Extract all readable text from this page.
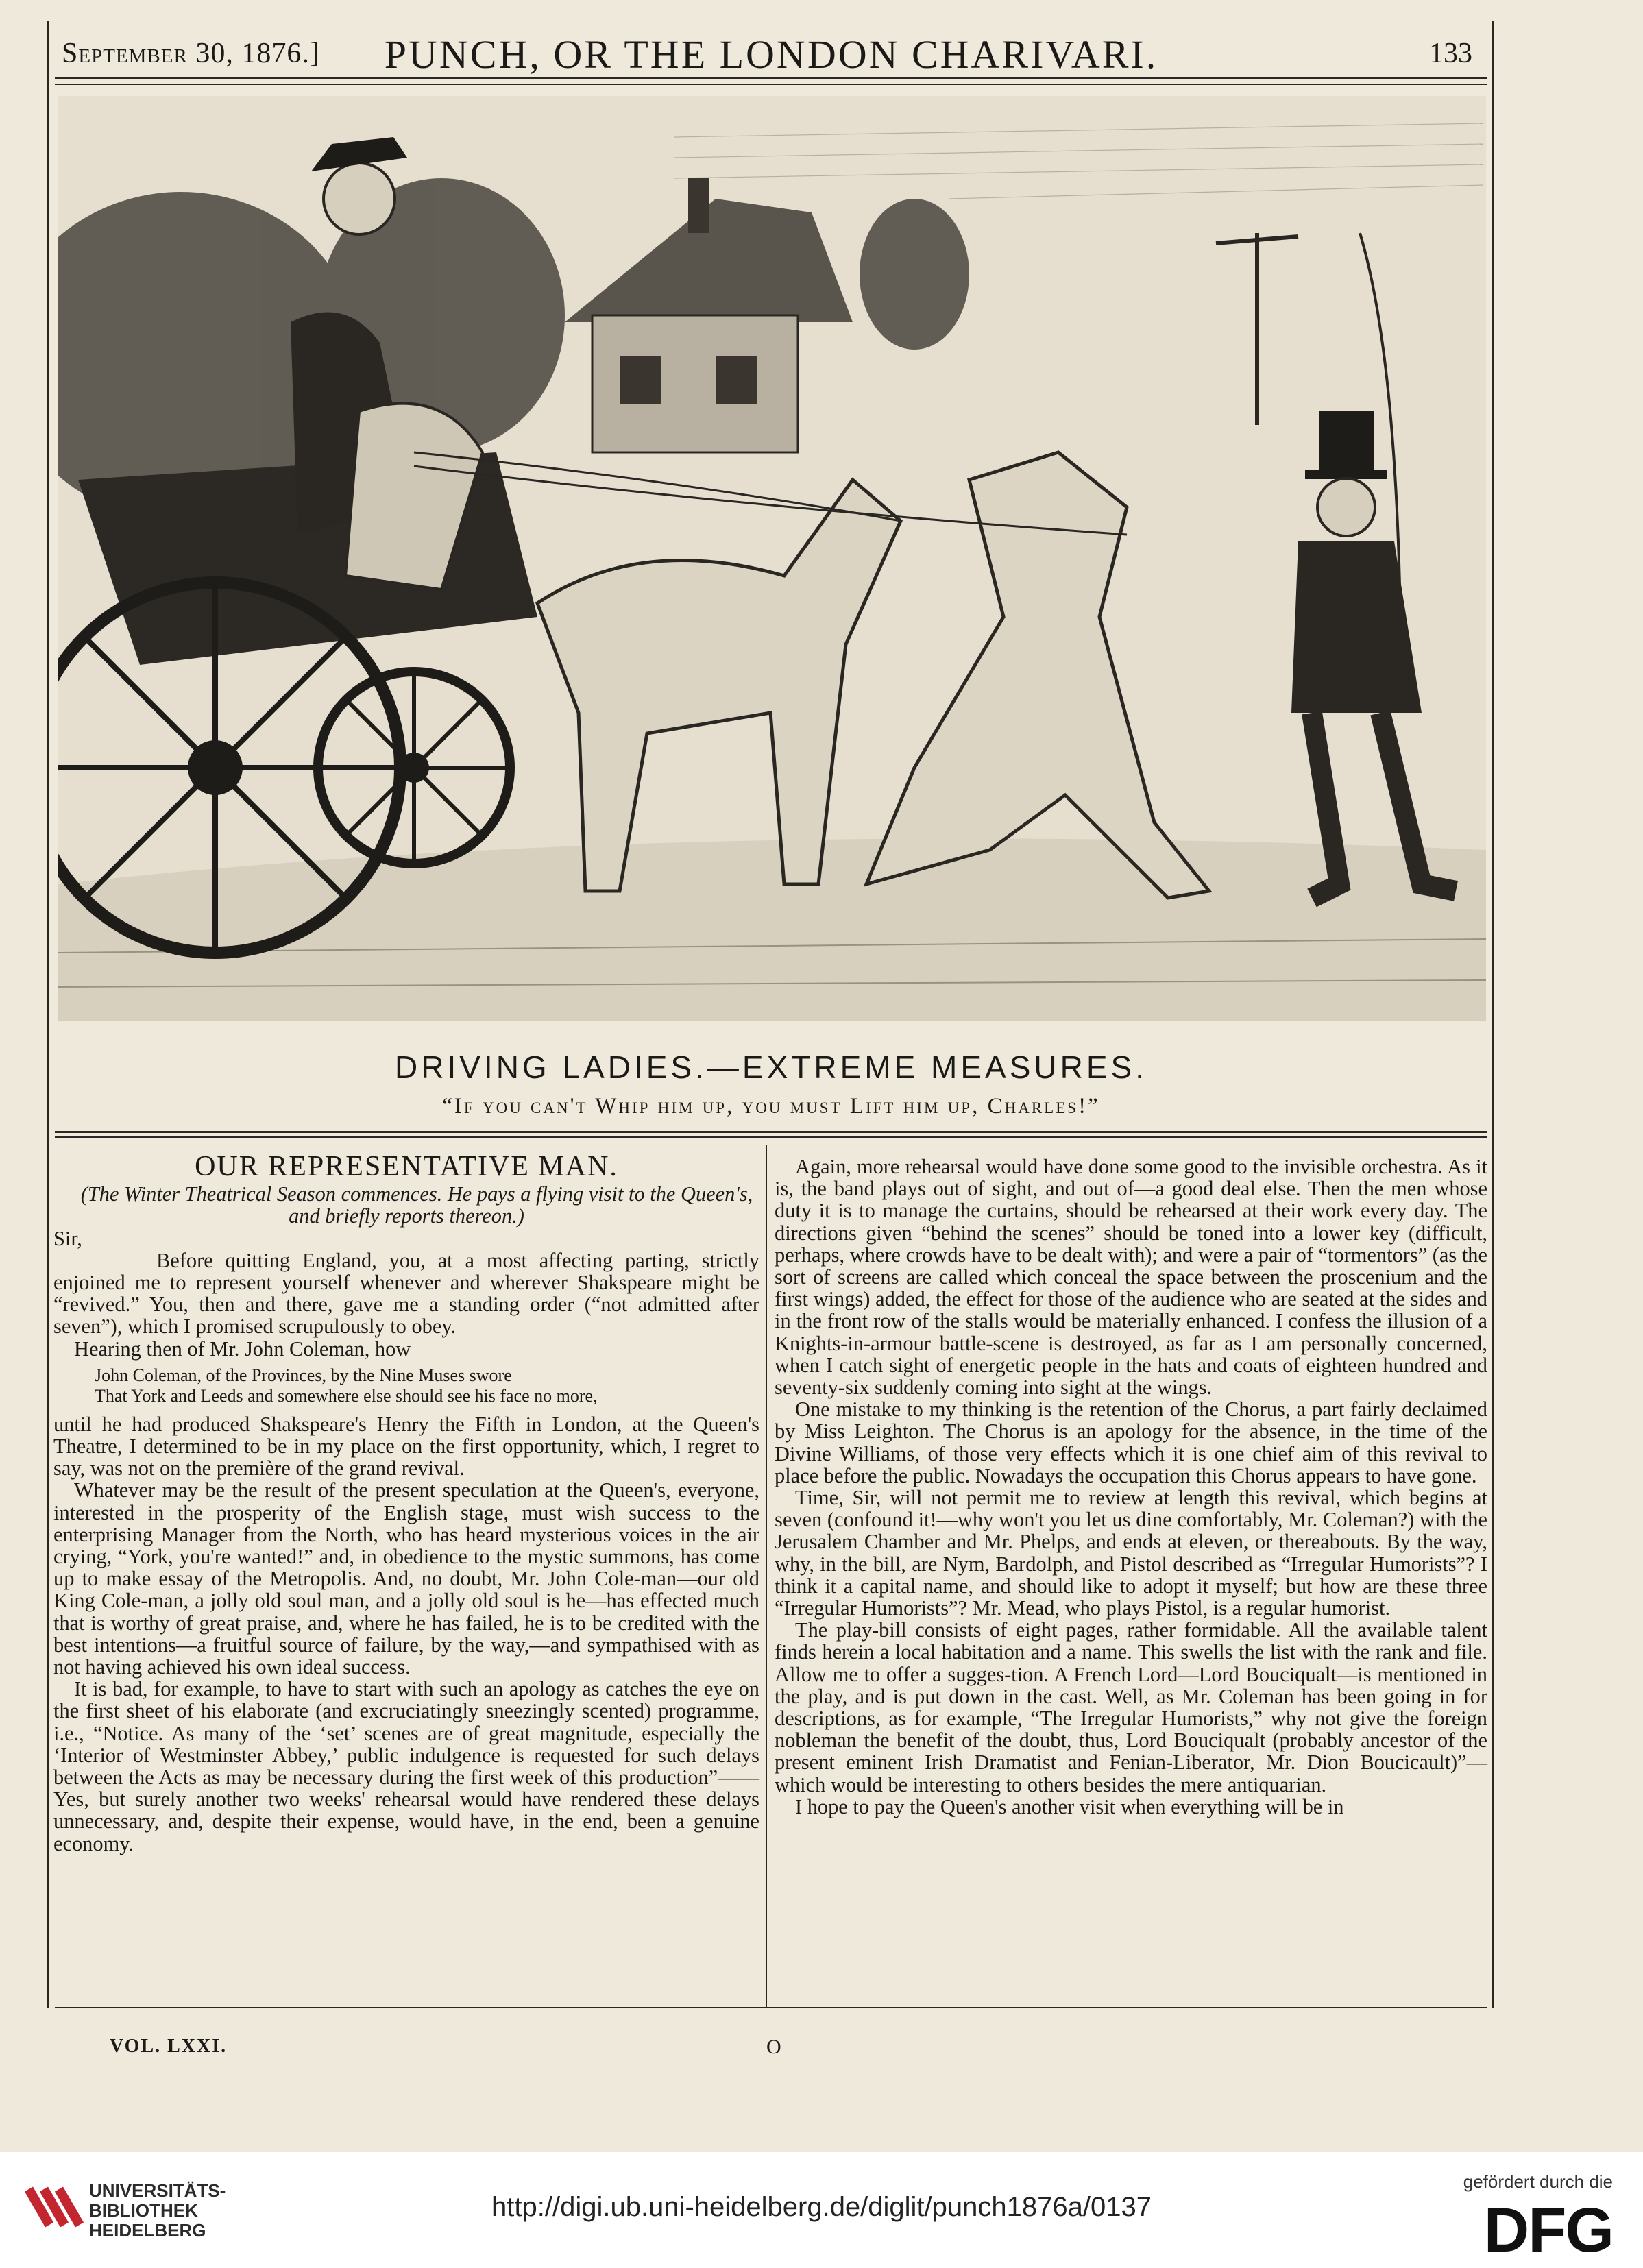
September 30, 1876.]	PUNCH, OR THE LONDON CHARIVARI.	133
DRIVING LADIES.—EXTREME MEASURES.
“If you can't Whip him up, you must Lift him up, Charles!”
OUR REPRESENTATIVE MAN.

(The Winter Theatrical Season commences. He pays a flying visit to the Queen's, and briefly reports thereon.)

Sir,

Before quitting England, you, at a most affecting parting, strictly enjoined me to represent yourself whenever and wherever Shakspeare might be “revived.” You, then and there, gave me a standing order (“not admitted after seven”), which I promised scrupulously to obey.

Hearing then of Mr. John Coleman, how

John Coleman, of the Provinces, by the Nine Muses swore
That York and Leeds and somewhere else should see his face no more,

until he had produced Shakspeare's Henry the Fifth in London, at the Queen's Theatre, I determined to be in my place on the first opportunity, which, I regret to say, was not on the première of the grand revival.

Whatever may be the result of the present speculation at the Queen's, everyone, interested in the prosperity of the English stage, must wish success to the enterprising Manager from the North, who has heard mysterious voices in the air crying, “York, you're wanted!” and, in obedience to the mystic summons, has come up to make essay of the Metropolis. And, no doubt, Mr. John Cole-man—our old King Cole-man, a jolly old soul man, and a jolly old soul is he—has effected much that is worthy of great praise, and, where he has failed, he is to be credited with the best intentions—a fruitful source of failure, by the way,—and sympathised with as not having achieved his own ideal success.

It is bad, for example, to have to start with such an apology as catches the eye on the first sheet of his elaborate (and excruciatingly sneezingly scented) programme, i.e., “Notice. As many of the ‘set’ scenes are of great magnitude, especially the ‘Interior of Westminster Abbey,’ public indulgence is requested for such delays between the Acts as may be necessary during the first week of this production”—— Yes, but surely another two weeks' rehearsal would have rendered these delays unnecessary, and, despite their expense, would have, in the end, been a genuine economy.

Again, more rehearsal would have done some good to the invisible orchestra. As it is, the band plays out of sight, and out of—a good deal else. Then the men whose duty it is to manage the curtains, should be rehearsed at their work every day. The directions given “behind the scenes” should be toned into a lower key (difficult, perhaps, where crowds have to be dealt with); and were a pair of “tormentors” (as the sort of screens are called which conceal the space between the proscenium and the first wings) added, the effect for those of the audience who are seated at the sides and in the front row of the stalls would be materially enhanced. I confess the illusion of a Knights-in-armour battle-scene is destroyed, as far as I am personally concerned, when I catch sight of energetic people in the hats and coats of eighteen hundred and seventy-six suddenly coming into sight at the wings.

One mistake to my thinking is the retention of the Chorus, a part fairly declaimed by Miss Leighton. The Chorus is an apology for the absence, in the time of the Divine Williams, of those very effects which it is one chief aim of this revival to place before the public. Nowadays the occupation this Chorus appears to have gone.

Time, Sir, will not permit me to review at length this revival, which begins at seven (confound it!—why won't you let us dine comfortably, Mr. Coleman?) with the Jerusalem Chamber and Mr. Phelps, and ends at eleven, or thereabouts. By the way, why, in the bill, are Nym, Bardolph, and Pistol described as “Irregular Humorists”? I think it a capital name, and should like to adopt it myself; but how are these three “Irregular Humorists”? Mr. Mead, who plays Pistol, is a regular humorist.

The play-bill consists of eight pages, rather formidable. All the available talent finds herein a local habitation and a name. This swells the list with the rank and file. Allow me to offer a sugges-tion. A French Lord—Lord Bouciqualt—is mentioned in the play, and is put down in the cast. Well, as Mr. Coleman has been going in for descriptions, as for example, “The Irregular Humorists,” why not give the foreign nobleman the benefit of the doubt, thus, Lord Bouciqualt (probably ancestor of the present eminent Irish Dramatist and Fenian-Liberator, Mr. Dion Boucicault)”—which would be interesting to others besides the mere antiquarian.

I hope to pay the Queen's another visit when everything will be in

VOL. LXXI.	O
UNIVERSITÄTS-
BIBLIOTHEK
HEIDELBERG
http://digi.ub.uni-heidelberg.de/diglit/punch1876a/0137
gefördert durch die
DFG
